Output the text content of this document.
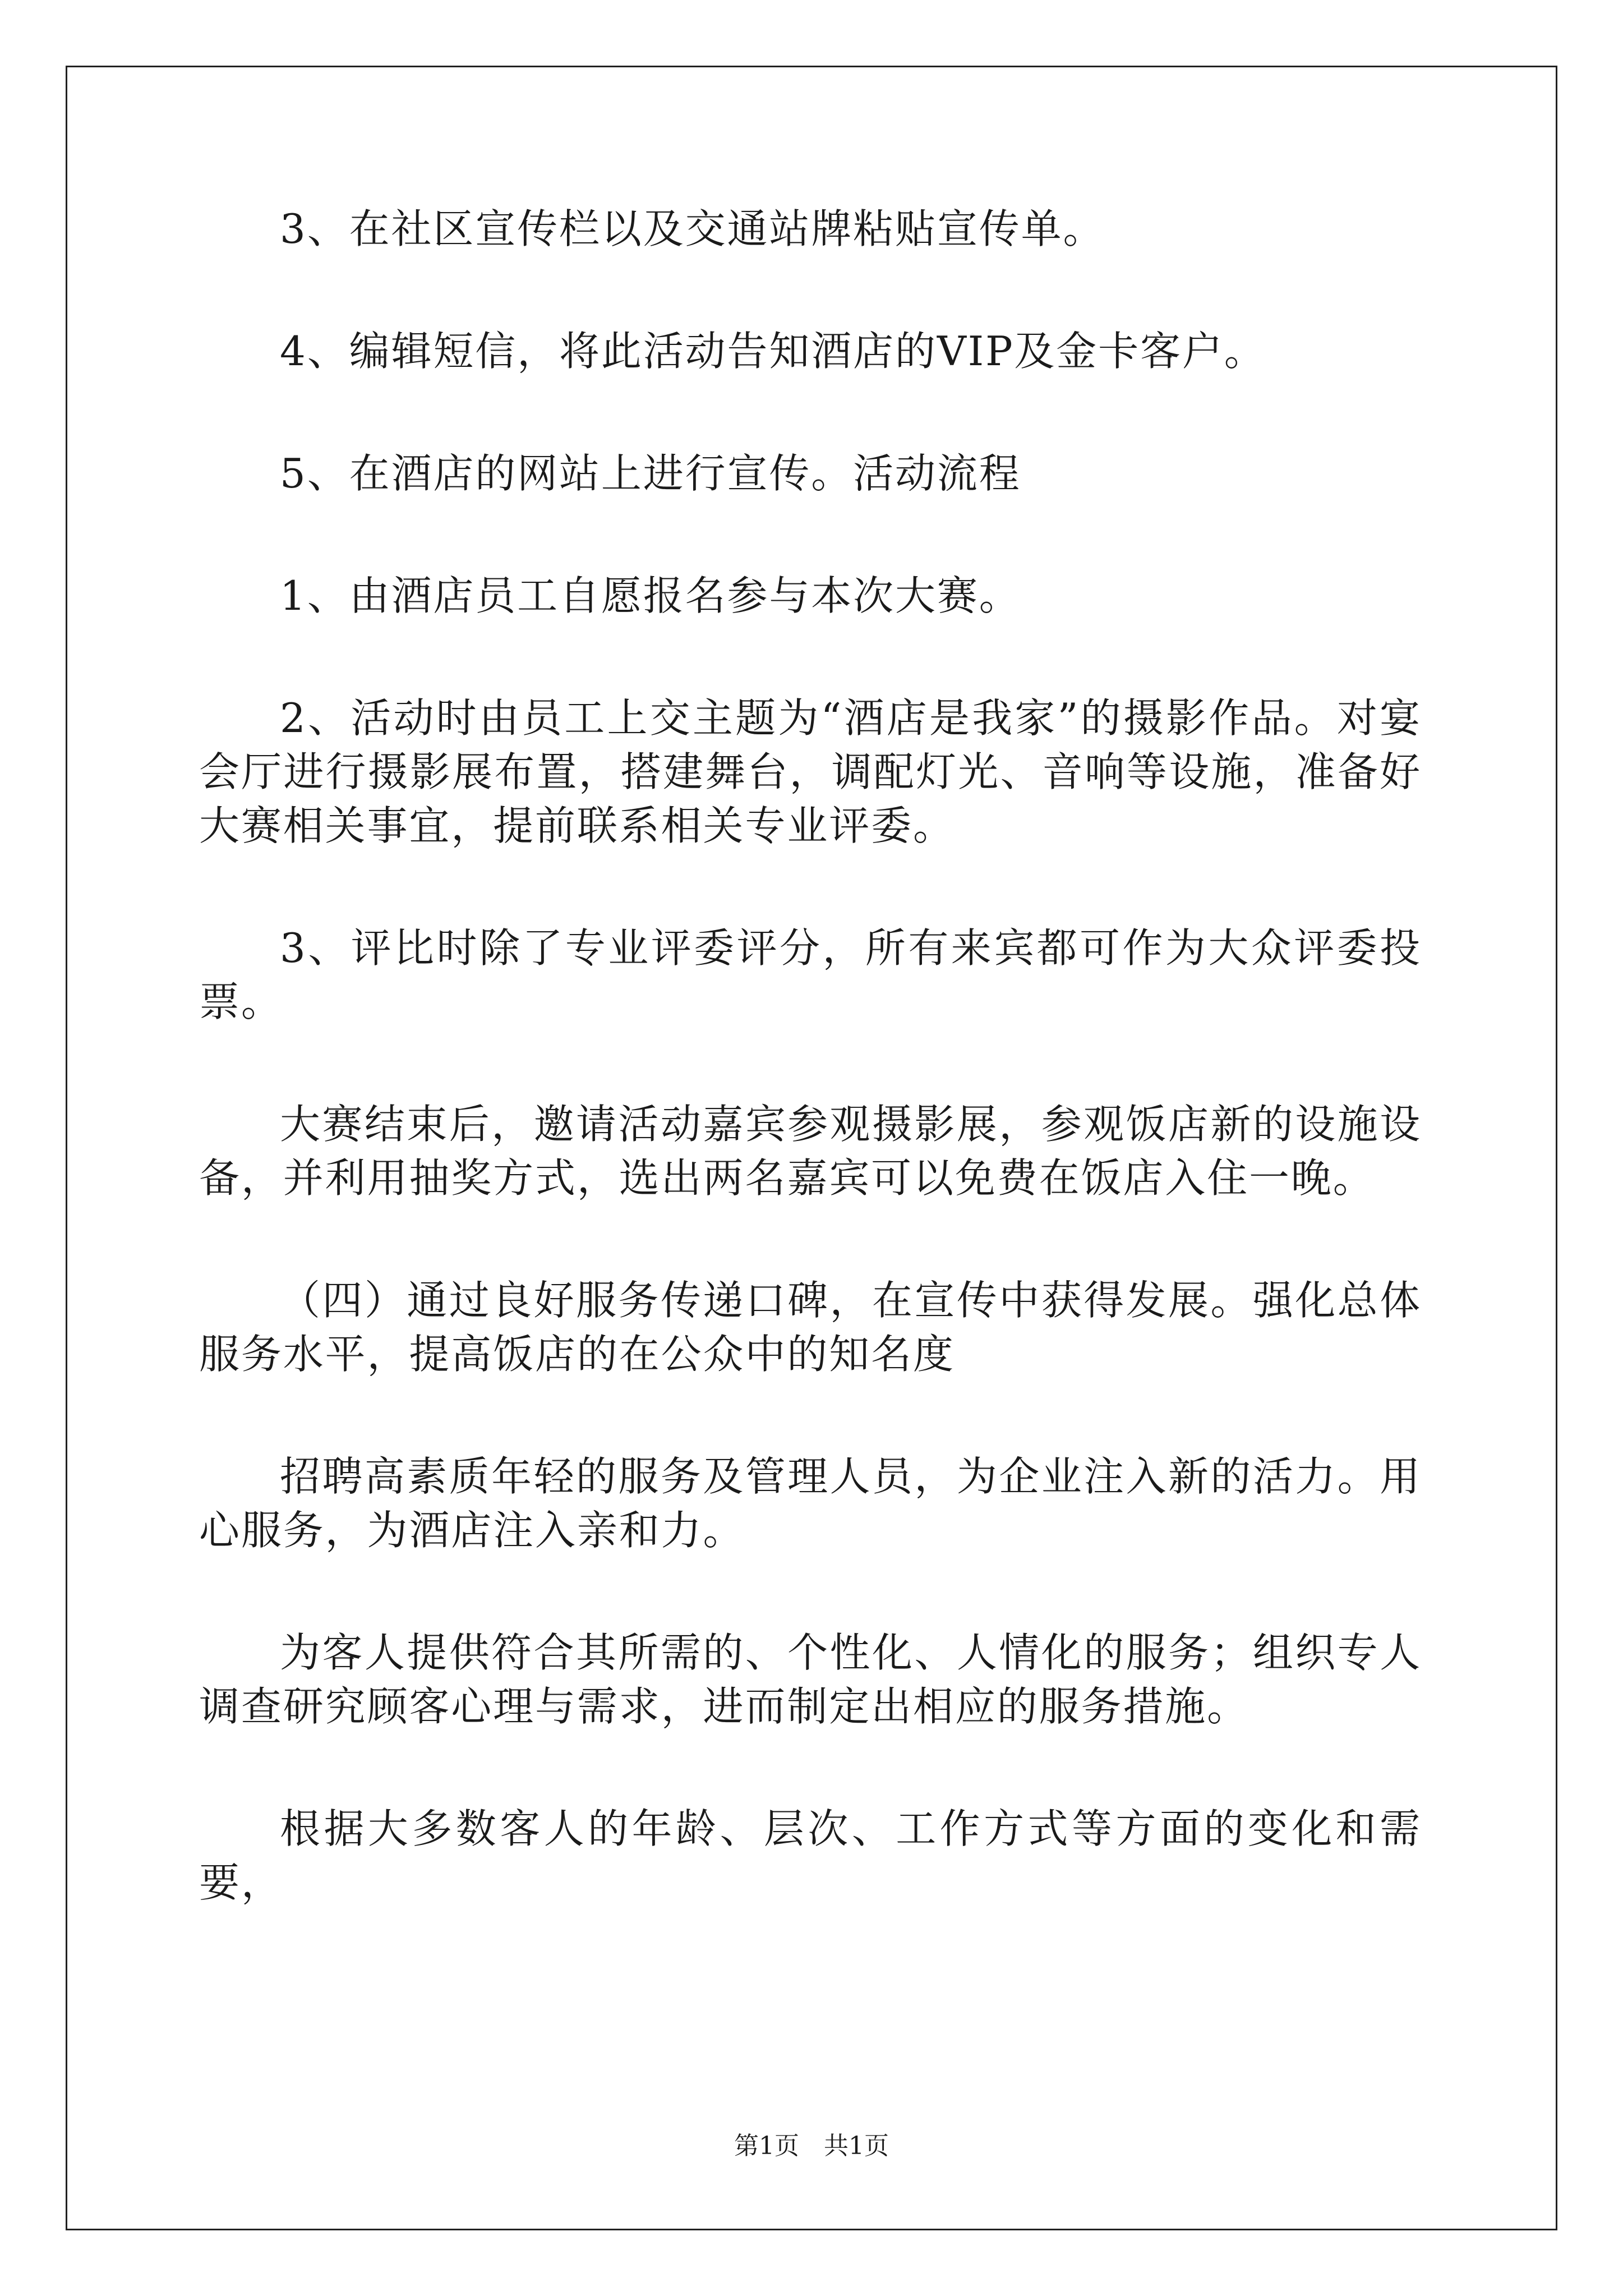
3、在社区宣传栏以及交通站牌粘贴宣传单。

4、编辑短信，将此活动告知酒店的VIP及金卡客户。

5、在酒店的网站上进行宣传。活动流程

1、由酒店员工自愿报名参与本次大赛。

2、活动时由员工上交主题为“酒店是我家”的摄影作品。对宴会厅进行摄影展布置，搭建舞台，调配灯光、音响等设施，准备好大赛相关事宜，提前联系相关专业评委。

3、评比时除了专业评委评分，所有来宾都可作为大众评委投票。

大赛结束后，邀请活动嘉宾参观摄影展，参观饭店新的设施设备，并利用抽奖方式，选出两名嘉宾可以免费在饭店入住一晚。

（四）通过良好服务传递口碑，在宣传中获得发展。强化总体服务水平，提高饭店的在公众中的知名度

招聘高素质年轻的服务及管理人员，为企业注入新的活力。用心服务，为酒店注入亲和力。

为客人提供符合其所需的、个性化、人情化的服务；组织专人调查研究顾客心理与需求，进而制定出相应的服务措施。

根据大多数客人的年龄、层次、工作方式等方面的变化和需要，

第1页　共1页
